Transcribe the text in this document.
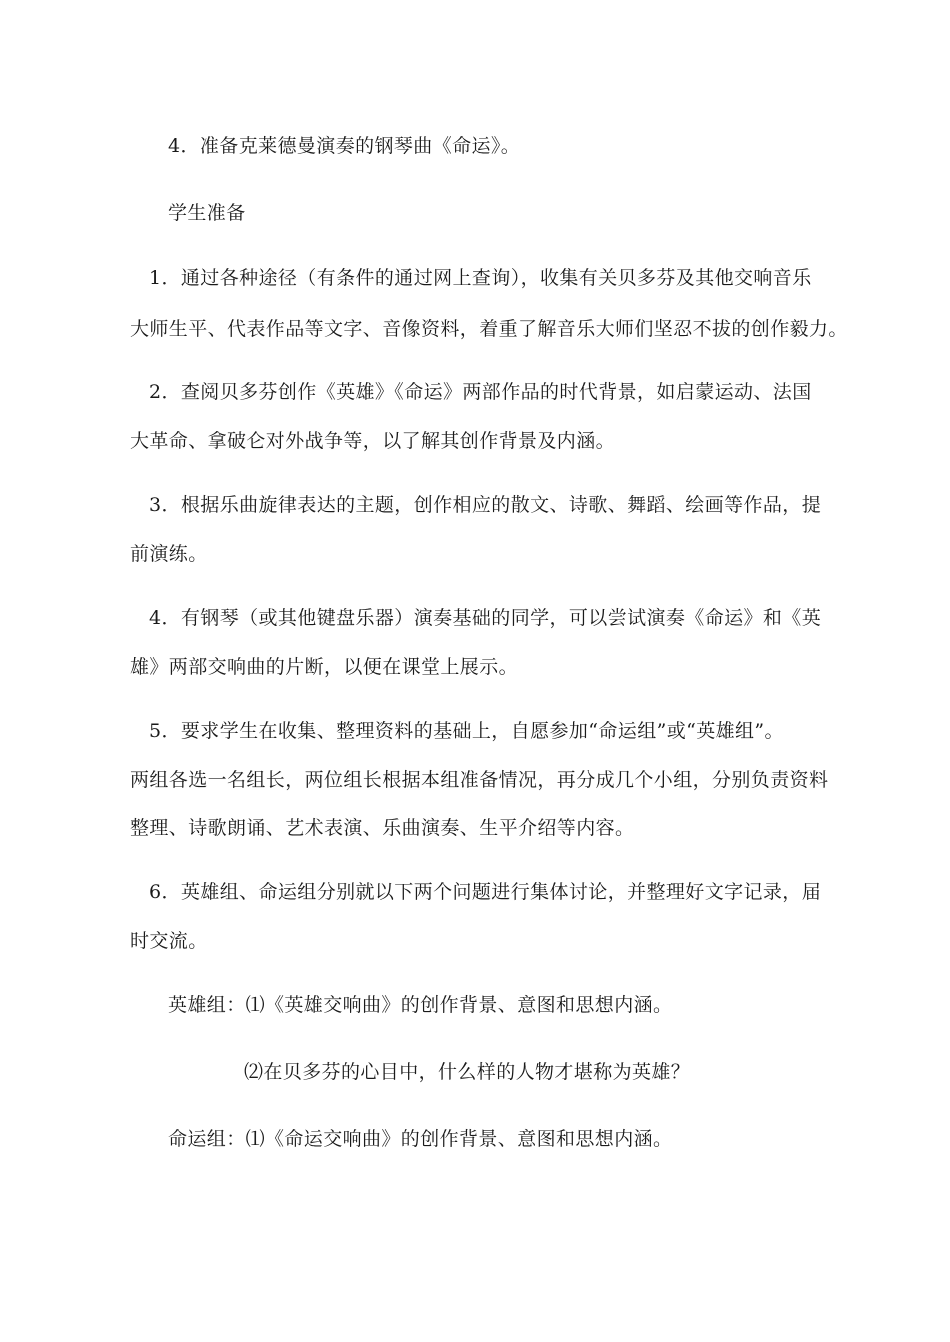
4．准备克莱德曼演奏的钢琴曲《命运》。
学生准备
1．通过各种途径（有条件的通过网上查询），收集有关贝多芬及其他交响音乐
大师生平、代表作品等文字、音像资料，着重了解音乐大师们坚忍不拔的创作毅力。
2．查阅贝多芬创作《英雄》《命运》两部作品的时代背景，如启蒙运动、法国
大革命、拿破仑对外战争等，以了解其创作背景及内涵。
3．根据乐曲旋律表达的主题，创作相应的散文、诗歌、舞蹈、绘画等作品，提
前演练。
4．有钢琴（或其他键盘乐器）演奏基础的同学，可以尝试演奏《命运》和《英
雄》两部交响曲的片断，以便在课堂上展示。
5．要求学生在收集、整理资料的基础上，自愿参加“命运组”或“英雄组”。
两组各选一名组长，两位组长根据本组准备情况，再分成几个小组，分别负责资料
整理、诗歌朗诵、艺术表演、乐曲演奏、生平介绍等内容。
6．英雄组、命运组分别就以下两个问题进行集体讨论，并整理好文字记录，届
时交流。
英雄组：⑴《英雄交响曲》的创作背景、意图和思想内涵。
⑵在贝多芬的心目中，什么样的人物才堪称为英雄？
命运组：⑴《命运交响曲》的创作背景、意图和思想内涵。
